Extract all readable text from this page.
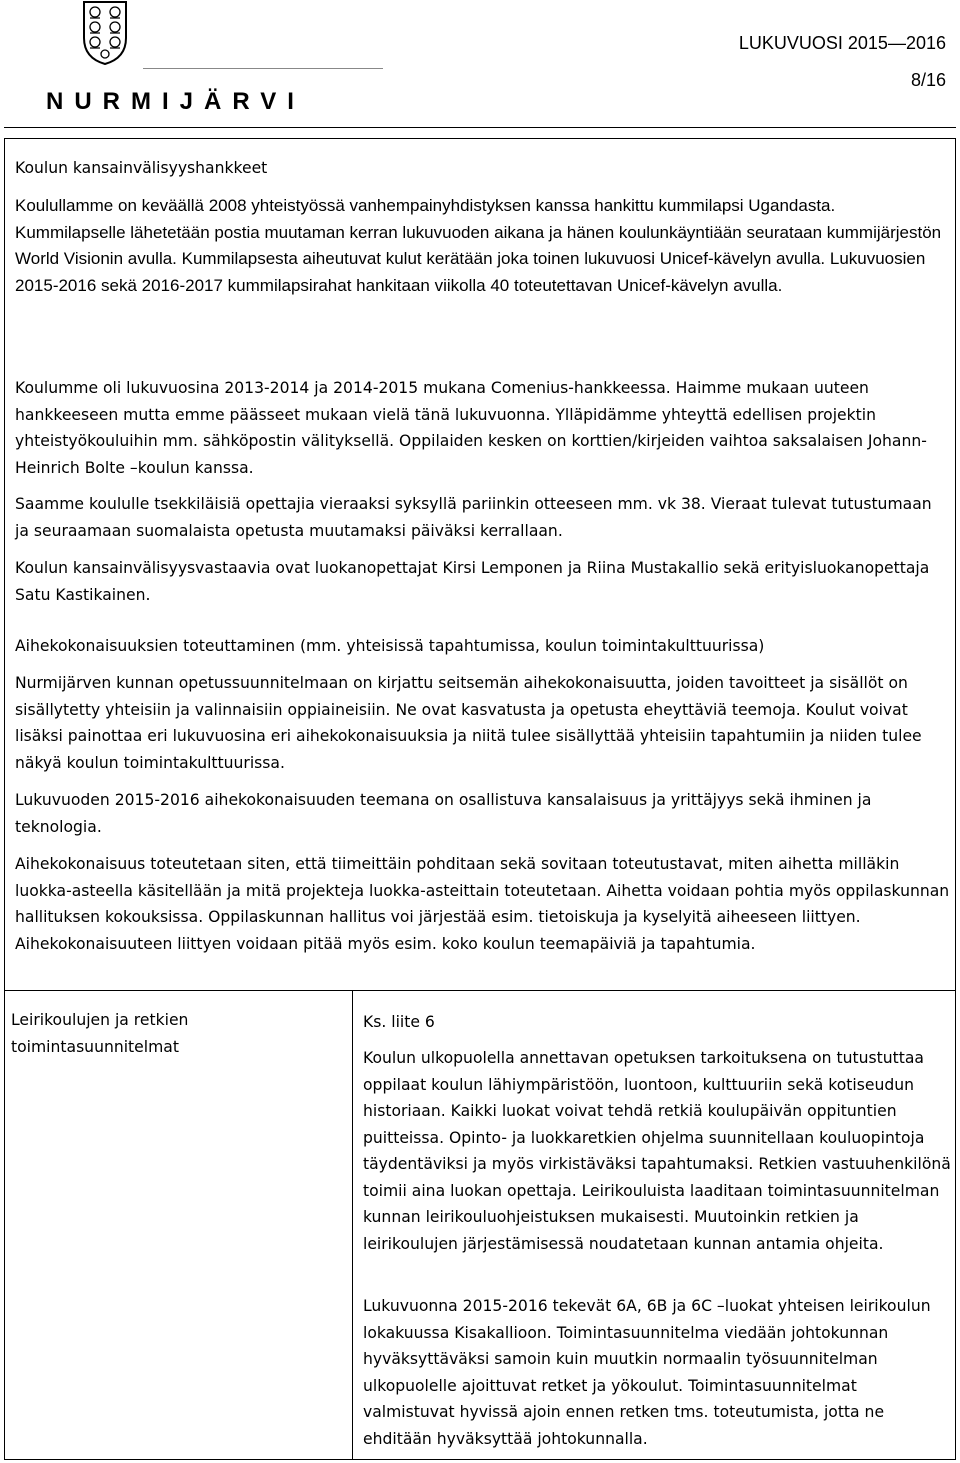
NURMIJÄRVI
LUKUVUOSI 2015—2016
8/16
Koulun kansainvälisyyshankkeet
Koulullamme on keväällä 2008 yhteistyössä vanhempainyhdistyksen kanssa hankittu kummilapsi Ugandasta. Kummilapselle lähetetään postia muutaman kerran lukuvuoden aikana ja hänen koulunkäyntiään seurataan kummijärjestön World Visionin avulla. Kummilapsesta aiheutuvat kulut kerätään joka toinen lukuvuosi Unicef-kävelyn avulla. Lukuvuosien 2015-2016 sekä 2016-2017 kummilapsirahat hankitaan viikolla 40 toteutettavan Unicef-kävelyn avulla.
Koulumme oli lukuvuosina 2013-2014 ja 2014-2015 mukana Comenius-hankkeessa. Haimme mukaan uuteen hankkeeseen mutta emme päässeet mukaan vielä tänä lukuvuonna. Ylläpidämme yhteyttä edellisen projektin yhteistyökouluihin mm. sähköpostin välityksellä. Oppilaiden kesken on korttien/kirjeiden vaihtoa saksalaisen Johann-Heinrich Bolte –koulun kanssa.
Saamme koululle tsekkiläisiä opettajia vieraaksi syksyllä pariinkin otteeseen mm. vk 38. Vieraat tulevat tutustumaan ja seuraamaan suomalaista opetusta muutamaksi päiväksi kerrallaan.
Koulun kansainvälisyysvastaavia ovat luokanopettajat Kirsi Lemponen ja Riina Mustakallio sekä erityisluokanopettaja Satu Kastikainen.
Aihekokonaisuuksien toteuttaminen (mm. yhteisissä tapahtumissa, koulun toimintakulttuurissa)
Nurmijärven kunnan opetussuunnitelmaan on kirjattu seitsemän aihekokonaisuutta, joiden tavoitteet ja sisällöt on sisällytetty yhteisiin ja valinnaisiin oppiaineisiin. Ne ovat kasvatusta ja opetusta eheyttäviä teemoja. Koulut voivat lisäksi painottaa eri lukuvuosina eri aihekokonaisuuksia ja niitä tulee sisällyttää yhteisiin tapahtumiin ja niiden tulee näkyä koulun toimintakulttuurissa.
Lukuvuoden 2015-2016 aihekokonaisuuden teemana on osallistuva kansalaisuus ja yrittäjyys sekä ihminen ja teknologia.
Aihekokonaisuus toteutetaan siten, että tiimeittäin pohditaan sekä sovitaan toteutustavat, miten aihetta milläkin luokka-asteella käsitellään ja mitä projekteja luokka-asteittain toteutetaan. Aihetta voidaan pohtia myös oppilaskunnan hallituksen kokouksissa. Oppilaskunnan hallitus voi järjestää esim. tietoiskuja ja kyselyitä aiheeseen liittyen. Aihekokonaisuuteen liittyen voidaan pitää myös esim. koko koulun teemapäiviä ja tapahtumia.
Leirikoulujen ja retkien toimintasuunnitelmat
Ks. liite 6
Koulun ulkopuolella annettavan opetuksen tarkoituksena on tutustuttaa oppilaat koulun lähiympäristöön, luontoon, kulttuuriin sekä kotiseudun historiaan. Kaikki luokat voivat tehdä retkiä koulupäivän oppituntien puitteissa. Opinto- ja luokkaretkien ohjelma suunnitellaan kouluopintoja täydentäviksi ja myös virkistäväksi tapahtumaksi. Retkien vastuuhenkilönä toimii aina luokan opettaja. Leirikouluista laaditaan toimintasuunnitelman kunnan leirikouluohjeistuksen mukaisesti. Muutoinkin retkien ja leirikoulujen järjestämisessä noudatetaan kunnan antamia ohjeita.
Lukuvuonna 2015-2016 tekevät 6A, 6B ja 6C –luokat yhteisen leirikoulun lokakuussa Kisakallioon. Toimintasuunnitelma viedään johtokunnan hyväksyttäväksi samoin kuin muutkin normaalin työsuunnitelman ulkopuolelle ajoittuvat retket ja yökoulut. Toimintasuunnitelmat valmistuvat hyvissä ajoin ennen retken tms. toteutumista, jotta ne ehditään hyväksyttää johtokunnalla.
